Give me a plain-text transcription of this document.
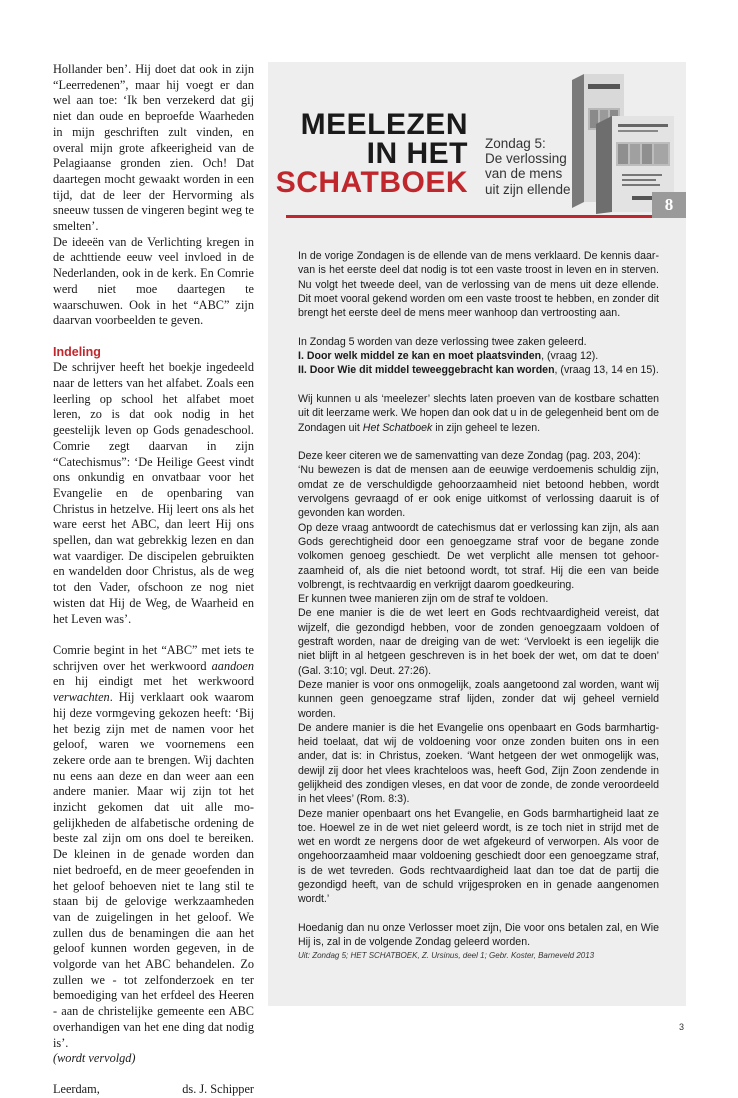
Hollander ben’. Hij doet dat ook in zijn “Leerredenen”, maar hij voegt er dan wel aan toe: ‘Ik ben verzekerd dat gij niet dan oude en beproefde Waarheden in mijn geschriften zult vinden, en overal mijn grote afkeerigheid van de Pelagiaanse gronden zien. Och! Dat daartegen mocht gewaakt worden in een tijd, dat de leer der Hervorming als sneeuw tussen de vingeren begint weg te smelten’.

De ideeën van de Verlichting kregen in de achttiende eeuw veel invloed in de Nederlanden, ook in de kerk. En Comrie werd niet moe daartegen te waarschuwen. Ook in het “ABC” zijn daarvan voorbeelden te geven.

Indeling

De schrijver heeft het boekje ingedeeld naar de letters van het alfabet. Zoals een leerling op school het alfabet moet leren, zo is dat ook nodig in het geestelijk leven op Gods genadeschool. Comrie zegt daarvan in zijn “Catechismus”: ‘De Heilige Geest vindt ons onkundig en onvatbaar voor het Evangelie en de openbaring van Christus in hetzelve. Hij leert ons als het ware eerst het ABC, dan leert Hij ons spellen, dan wat gebrekkig lezen en dan wat vaardiger. De discipelen gebruikten en wandelden door Christus, als de weg tot den Vader, ofschoon ze nog niet wisten dat Hij de Weg, de Waarheid en het Leven was’.

Comrie begint in het “ABC” met iets te schrijven over het werkwoord aandoen en hij eindigt met het werkwoord verwachten. Hij verklaart ook waarom hij deze vormgeving gekozen heeft: ‘Bij het bezig zijn met de namen voor het geloof, waren we voornemens een zekere orde aan te brengen. Wij dachten nu eens aan deze en dan weer aan een andere manier. Maar wij zijn tot het inzicht gekomen dat uit alle mogelijkheden de alfabetische ordening de beste zal zijn om ons doel te bereiken. De kleinen in de genade worden dan niet bedroefd, en de meer geoefenden in het geloof behoeven niet te lang stil te staan bij de gelovige werkzaamheden van de zuigelingen in het geloof. We zullen dus de benamingen die aan het geloof kunnen worden gegeven, in de volgorde van het ABC behandelen. Zo zullen we - tot zelfonderzoek en ter bemoediging van het erfdeel des Heeren - aan de christelijke gemeente een ABC overhandigen van het ene ding dat nodig is’.

(wordt vervolgd)

Leerdam,	ds. J. Schipper
MEELEZEN
IN HET
SCHATBOEK
Zondag 5:
De verlossing
van de mens
uit zijn ellende
8

In de vorige Zondagen is de ellende van de mens verklaard. De kennis daarvan is het eerste deel dat nodig is tot een vaste troost in leven en in sterven. Nu volgt het tweede deel, van de verlossing van de mens uit deze ellende. Dit moet vooral gekend worden om een vaste troost te hebben, en zonder dit brengt het eerste deel de mens meer wanhoop dan vertroosting aan.

In Zondag 5 worden van deze verlossing twee zaken geleerd.

I. Door welk middel ze kan en moet plaatsvinden, (vraag 12).

II. Door Wie dit middel teweeggebracht kan worden, (vraag 13, 14 en 15).

Wij kunnen u als ‘meelezer’ slechts laten proeven van de kostbare schatten uit dit leerzame werk. We hopen dan ook dat u in de gelegenheid bent om de Zondagen uit Het Schatboek in zijn geheel te lezen.

Deze keer citeren we de samenvatting van deze Zondag (pag. 203, 204):

‘Nu bewezen is dat de mensen aan de eeuwige verdoemenis schuldig zijn, omdat ze de verschuldigde gehoorzaamheid niet betoond hebben, wordt vervolgens gevraagd of er ook enige uitkomst of verlossing daaruit is of gevonden kan worden.

Op deze vraag antwoordt de catechismus dat er verlossing kan zijn, als aan Gods gerechtigheid door een genoegzame straf voor de begane zonde volkomen genoeg geschiedt. De wet verplicht alle mensen tot gehoorzaamheid of, als die niet betoond wordt, tot straf. Hij die een van beide volbrengt, is rechtvaardig en verkrijgt daarom goedkeuring.

Er kunnen twee manieren zijn om de straf te voldoen.

De ene manier is die de wet leert en Gods rechtvaardigheid vereist, dat wijzelf, die gezondigd hebben, voor de zonden genoegzaam voldoen of gestraft worden, naar de dreiging van de wet: ‘Vervloekt is een iegelijk die niet blijft in al hetgeen geschreven is in het boek der wet, om dat te doen’ (Gal. 3:10; vgl. Deut. 27:26).

Deze manier is voor ons onmogelijk, zoals aangetoond zal worden, want wij kunnen geen genoegzame straf lijden, zonder dat wij geheel vernield worden.

De andere manier is die het Evangelie ons openbaart en Gods barmhartigheid toelaat, dat wij de voldoening voor onze zonden buiten ons in een ander, dat is: in Christus, zoeken. ‘Want hetgeen der wet onmogelijk was, dewijl zij door het vlees krachteloos was, heeft God, Zijn Zoon zendende in gelijkheid des zondigen vleses, en dat voor de zonde, de zonde veroordeeld in het vlees’ (Rom. 8:3).

Deze manier openbaart ons het Evangelie, en Gods barmhartigheid laat ze toe. Hoewel ze in de wet niet geleerd wordt, is ze toch niet in strijd met de wet en wordt ze nergens door de wet afgekeurd of verworpen. Als voor de ongehoorzaamheid maar voldoening geschiedt door een genoegzame straf, is de wet tevreden. Gods rechtvaardigheid laat dan toe dat de partij die gezondigd heeft, van de schuld vrijgesproken en in genade aangenomen wordt.’

Hoedanig dan nu onze Verlosser moet zijn, Die voor ons betalen zal, en Wie Hij is, zal in de volgende Zondag geleerd worden.

Uit: Zondag 5; HET SCHATBOEK, Z. Ursinus, deel 1; Gebr. Koster, Barneveld 2013

3
